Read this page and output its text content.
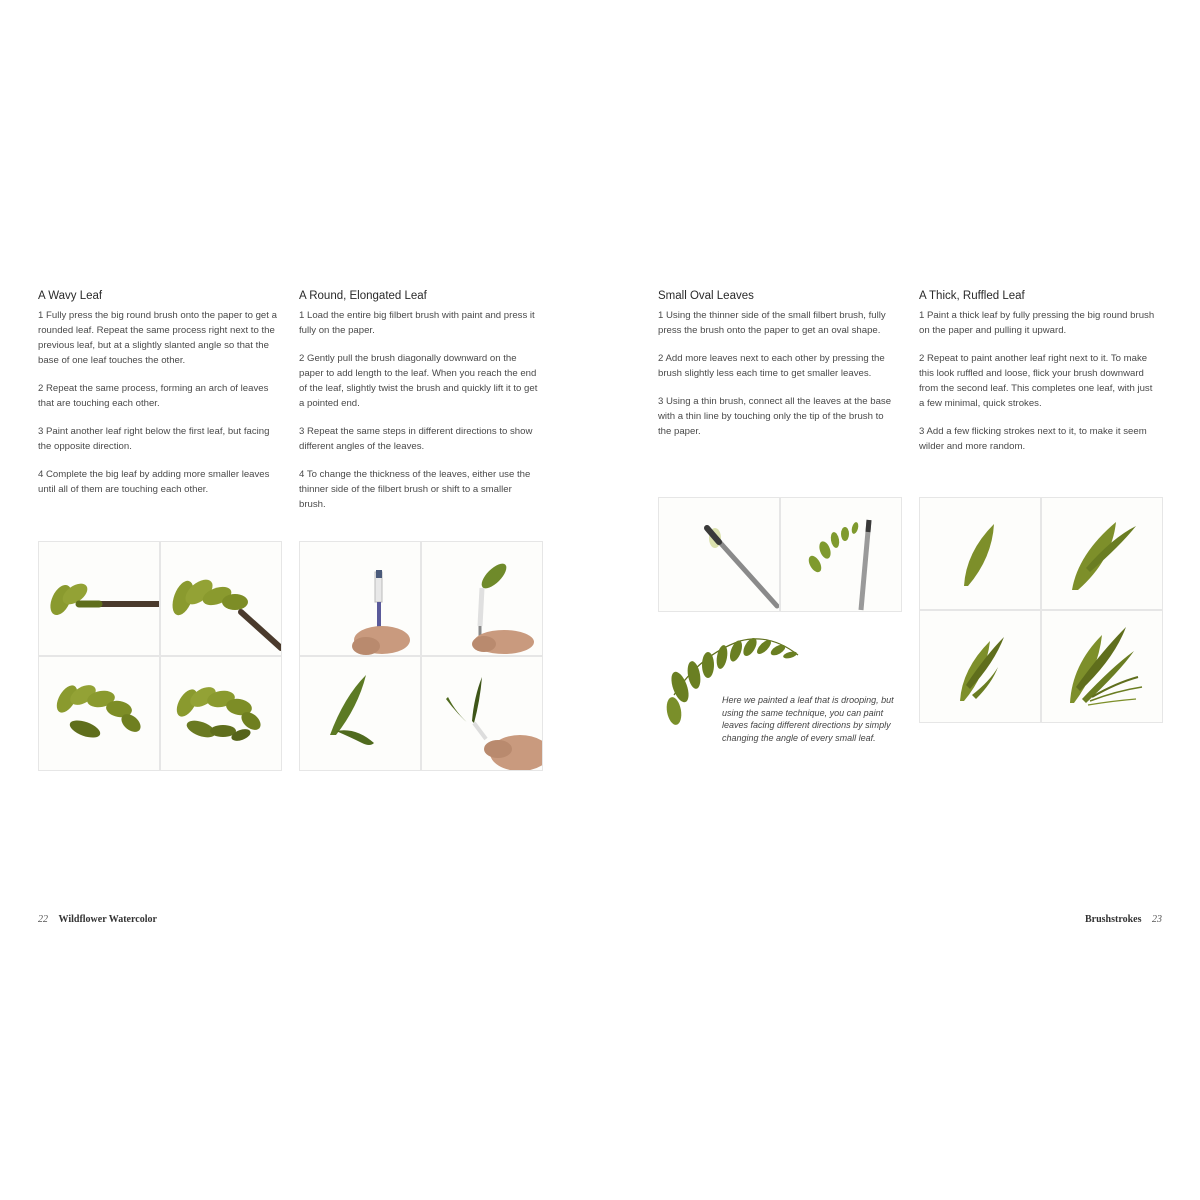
A Wavy Leaf

1 Fully press the big round brush onto the paper to get a rounded leaf. Repeat the same process right next to the previous leaf, but at a slightly slanted angle so that the base of one leaf touches the other.

2 Repeat the same process, forming an arch of leaves that are touching each other.

3 Paint another leaf right below the first leaf, but facing the opposite direction.

4 Complete the big leaf by adding more smaller leaves until all of them are touching each other.

A Round, Elongated Leaf

1 Load the entire big filbert brush with paint and press it fully on the paper.

2 Gently pull the brush diagonally downward on the paper to add length to the leaf. When you reach the end of the leaf, slightly twist the brush and quickly lift it to get a pointed end.

3 Repeat the same steps in different directions to show different angles of the leaves.

4 To change the thickness of the leaves, either use the thinner side of the filbert brush or shift to a smaller brush.

Small Oval Leaves

1 Using the thinner side of the small filbert brush, fully press the brush onto the paper to get an oval shape.

2 Add more leaves next to each other by pressing the brush slightly less each time to get smaller leaves.

3 Using a thin brush, connect all the leaves at the base with a thin line by touching only the tip of the brush to the paper.

A Thick, Ruffled Leaf

1 Paint a thick leaf by fully pressing the big round brush on the paper and pulling it upward.

2 Repeat to paint another leaf right next to it. To make this look ruffled and loose, flick your brush downward from the second leaf. This completes one leaf, with just a few minimal, quick strokes.

3 Add a few flicking strokes next to it, to make it seem wilder and more random.

Here we painted a leaf that is drooping, but using the same technique, you can paint leaves facing different directions by simply changing the angle of every small leaf.
22 Wildflower Watercolor	Brushstrokes 23
